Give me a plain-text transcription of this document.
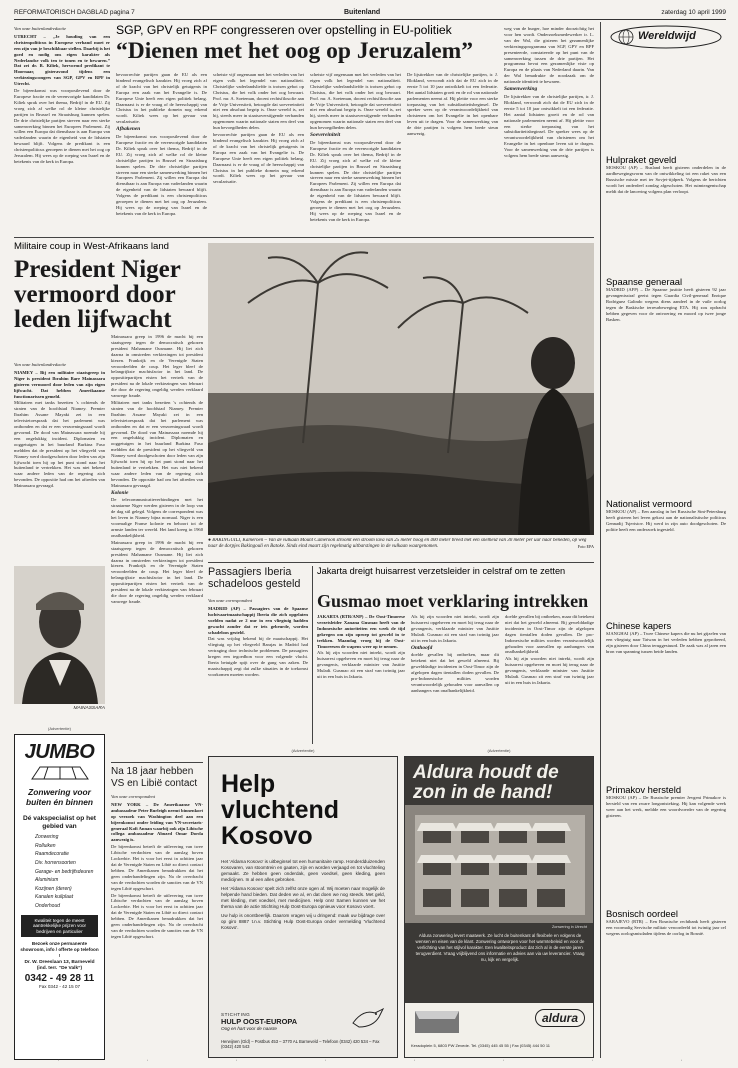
REFORMATORISCH DAGBLAD pagina 7	Buitenland	zaterdag 10 april 1999

Van onze buitenlandredactie

UTRECHT – „Je houding van een christenpoliticus in Europese verband moet er een zijn van je beschikbaar stellen. Daarbij is het goed en nodig ons eigen karakter als Nederlandse volk ten te tonen en te bewaren.” Dat zei dr. B. Kiliek, hervormd predikant te Hoornaar, gisteravond tijdens een verkiezingscongres van SGP, GPV en RPF in Utrecht.

De bijeenkomst was voorpostlevend door de Europese fractie en de verenvorigde kandidaten Dr. Kiliek sprak over het thema, Bedrijf in de EU. Zij vroeg zich af welke rol de kleine christelijke partijen in Brussel en Straatsburg kunnen spelen. De drie christelijke partijen streven naar een sterke samenwerking binnen het Europees Parlement. Zij willen een Europa dat dienstbaar is aan Europa van vaderlanden waarin de eigenheid van de lidstaten bewaard blijft. Volgens de predikant is een christenpoliticus geroepen te dienen met het oog op Jeruzalem. Hij wees op de roeping van Israel en de betekenis van de kerk in Europa.

SGP, GPV en RPF congresseren over opstelling in EU-politiek
“Dienen met het oog op Jeruzalem”

bevoorrechte partijen gaan de EU als een bindend evangelisch karakter. Hij vroeg zich af of de kracht van het christelijk getuigenis in Europa een zaak van het Evangelie is. De Europese Unie heeft een eigen politiek belang. Daarnaast is er de vraag of de heerschappij van Christus in het publieke domein nog erkend wordt. Kiliek wees op het gevaar van secularisatie.

Afbakenen

De bijeenkomst was voorpostlevend door de Europese fractie en de verenvorigde kandidaten Dr. Kiliek sprak over het thema, Bedrijf in de EU. Zij vroeg zich af welke rol de kleine christelijke partijen in Brussel en Straatsburg kunnen spelen. De drie christelijke partijen streven naar een sterke samenwerking binnen het Europees Parlement. Zij willen een Europa dat dienstbaar is aan Europa van vaderlanden waarin de eigenheid van de lidstaten bewaard blijft. Volgens de predikant is een christenpoliticus geroepen te dienen met het oog op Jeruzalem. Hij wees op de roeping van Israel en de betekenis van de kerk in Europa.

schetste vijf ongensaan met het verleden van het eigen volk het legendel van nationaliteit. Christelijke vaderlandsliefde is trotsen gebot op Christus, die het volk onder het oog bewaart. Prof. mr. A. Soeteman, docent rechtsfilosofie aan de Vrije Universiteit, betoogde dat soevereiniteit niet een absoluut begrip is. Onze wereld is, zei hij, steeds meer in staatsoverstijgende verbanden opgenomen waarin nationale staten een deel van hun bevoegdheden delen.

bevoorrechte partijen gaan de EU als een bindend evangelisch karakter. Hij vroeg zich af of de kracht van het christelijk getuigenis in Europa een zaak van het Evangelie is. De Europese Unie heeft een eigen politiek belang. Daarnaast is er de vraag of de heerschappij van Christus in het publieke domein nog erkend wordt. Kiliek wees op het gevaar van secularisatie.

schetste vijf ongensaan met het verleden van het eigen volk het legendel van nationaliteit. Christelijke vaderlandsliefde is trotsen gebot op Christus, die het volk onder het oog bewaart. Prof. mr. A. Soeteman, docent rechtsfilosofie aan de Vrije Universiteit, betoogde dat soevereiniteit niet een absoluut begrip is. Onze wereld is, zei hij, steeds meer in staatsoverstijgende verbanden opgenomen waarin nationale staten een deel van hun bevoegdheden delen.

Soevereiniteit

De bijeenkomst was voorpostlevend door de Europese fractie en de verenvorigde kandidaten Dr. Kiliek sprak over het thema, Bedrijf in de EU. Zij vroeg zich af welke rol de kleine christelijke partijen in Brussel en Straatsburg kunnen spelen. De drie christelijke partijen streven naar een sterke samenwerking binnen het Europees Parlement. Zij willen een Europa dat dienstbaar is aan Europa van vaderlanden waarin de eigenheid van de lidstaten bewaard blijft. Volgens de predikant is een christenpoliticus geroepen te dienen met het oog op Jeruzalem. Hij wees op de roeping van Israel en de betekenis van de kerk in Europa.

De lijsttrekker van de christelijke partijen, ir. J. Blokland, verwondt zich dat de EU zich in de eerste 5 tot 10 jaar ontwikkelt tot een federatie. Het aantal lidstaten groeit en de rol van nationale parlementen neemt af. Hij pleitte voor een sterke toepassing van het subsidiariteitsbeginsel. De spreker wees op de verantwoordelijkheid van christenen om het Evangelie in het openbare leven uit te dragen. Voor de samenwerking van de drie partijen is volgens hem brede steun aanwezig.

weg van de burger, hoe minder doorzichtig het voor hen wordt. Onderzoeksmedewerker ir. L. van der Wal, die gisteren het gezamenlijke verkiezingsprogramma van SGP, GPV en RPF presenteerde, constateerde op het punt van de samenwerking tussen de drie partijen. Het programma bevat een gezamenlijke visie op Europa en de plaats van Nederland daarin. Van der Wal benadrukte de noodzaak om de nationale identiteit te bewaren.

Samenwerking

De lijsttrekker van de christelijke partijen, ir. J. Blokland, verwondt zich dat de EU zich in de eerste 5 tot 10 jaar ontwikkelt tot een federatie. Het aantal lidstaten groeit en de rol van nationale parlementen neemt af. Hij pleitte voor een sterke toepassing van het subsidiariteitsbeginsel. De spreker wees op de verantwoordelijkheid van christenen om het Evangelie in het openbare leven uit te dragen. Voor de samenwerking van de drie partijen is volgens hem brede steun aanwezig.

Wereldwijd
Hulpraket geveld
MOSKOU (AP) – Rusland heeft gisteren onderdelen in de aardbewegingsvorm van de ontwikkeling tot een raket van een Russische missie met ter Sovjet-tijdperk. Volgens de berichten wordt het onderdeel zondag afgeschoten. Het ruimteagentschap meldt dat de lancering volgens plan verloopt.
Spaanse generaal
MADRID (AFP) – De Spaanse justitie heeft gisteren 92 jaar gevangenisstraf geeist tegen Guardia Civil-generaal Enrique Rodriguez Galindo wegens diens aandeel in de vuile oorlog tegen de Baskische terreurbeweging ETA. Hij zou opdracht hebben gegeven voor de ontvoering en moord op twee jonge Basken.
Nationalist vermoord
MOSKOU (AP) – Een aanslag in het Russische Sint-Petersburg heeft gisteren het leven gekost aan de nationalistische politicus Gennadij Tsjeristov. Hij werd in zijn auto doodgeschoten. De politie heeft een onderzoek ingesteld.
Chinese kapers
SJANGHAI (AP) – Twee Chinese kapers die nu het gijzelen van een vliegtuig naar Taiwan in het verleden hebben geprobeerd, zijn gisteren door China teruggestuurd. De zaak was al jaren een bron van spanning tussen beide landen.
Primakov hersteld
MOSKOU (AP) – De Russische premier Jevgeni Primakov is hersteld van een zware longontsteking. Hij kan volgende week weer aan het werk, meldde een woordvoerder van de regering gisteren.
Bosnisch oordeel
SARAJEVO (RTR) – Een Bosnische rechtbank heeft gisteren een voormalig Servische militair veroordeeld tot twintig jaar cel wegens oorlogsmisdaden tijdens de oorlog in Bosnië.
Militaire coup in West-Afrikaans land
President Niger vermoord door leden lijfwacht

Van onze buitenlandredactie

NIAMEY – Bij een militaire staatsgreep in Niger is president Ibrahim Bare Mainassara gisteren vermoord door leden van zijn eigen lijfwacht. Dat hebben Amerikaanse functionarissen gemeld.

Militairen met tanks bezetten 's ochtends de straten van de hoofdstad Niamey. Premier Ibrahim Assane Mayaki zei in een televisietoespraak dat het parlement was ontbonden en dat er een verzoeningsraad wordt gevormd. De dood van Mainassara noemde hij een ongelukkig incident. Diplomaten en ooggetuigen in het buurland Burkina Faso meldden dat de president op het vliegveld van Niamey werd doodgeschoten door leden van zijn lijfwacht toen hij op het punt stond naar het buitenland te vertrekken. Het was niet bekend waar andere leden van de regering zich bevonden. De oppositie had om het aftreden van Mainassara gevraagd.

Mainassara greep in 1996 de macht bij een staatsgreep tegen de democratisch gekozen president Mahamane Ousmane. Hij liet zich daarna in omstreden verkiezingen tot president kiezen. Frankrijk en de Verenigde Staten veroordeelden de coup. Het leger bleef de belangrijkste machtsfactor in het land. De oppositiepartijen eisten het vertrek van de president na de lokale verkiezingen van februari die door de regering ongeldig werden verklaard vanwege fraude.

Militairen met tanks bezetten 's ochtends de straten van de hoofdstad Niamey. Premier Ibrahim Assane Mayaki zei in een televisietoespraak dat het parlement was ontbonden en dat er een verzoeningsraad wordt gevormd. De dood van Mainassara noemde hij een ongelukkig incident. Diplomaten en ooggetuigen in het buurland Burkina Faso meldden dat de president op het vliegveld van Niamey werd doodgeschoten door leden van zijn lijfwacht toen hij op het punt stond naar het buitenland te vertrekken. Het was niet bekend waar andere leden van de regering zich bevonden. De oppositie had om het aftreden van Mainassara gevraagd.

Kolonie

De telecommunicatieverbindingen met het straatarme Niger werden gisteren in de loop van de dag stil gelegd. Volgens de correspondent was het leven in Niamey bijna normaal. Niger is een voormalige Franse kolonie en behoort tot de armste landen ter wereld. Het land kreeg in 1960 onafhankelijkheid.

Mainassara greep in 1996 de macht bij een staatsgreep tegen de democratisch gekozen president Mahamane Ousmane. Hij liet zich daarna in omstreden verkiezingen tot president kiezen. Frankrijk en de Verenigde Staten veroordeelden de coup. Het leger bleef de belangrijkste machtsfactor in het land. De oppositiepartijen eisten het vertrek van de president na de lokale verkiezingen van februari die door de regering ongeldig werden verklaard vanwege fraude.

MAINASSARA
● BAKINGUILI, Kameroen – Van de vulkaan Mount Cameroon stroomt een stroom lava van 25 meter hoog en 400 meter breed met een snelheid van 30 meter per uur naar beneden, op weg naar de dorpjes Bakingouli en Batoke. Sinds eind maart zijn regelmatig uitbarstingen in de vulkaan waargenomen.	Foto EPA
Passagiers Iberia schadeloos gesteld

Van onze correspondent

MADRID (AP) – Passagiers van de Spaanse luchtvaartmaatschappij Iberia die zich opgelaten voelden nadat ze 2 uur in een vliegtuig hadden gewacht zonder dat er iets gebeurde, worden schadeloos gesteld.

Dat was vrijdag bekend bij de maatschappij. Het vliegtuig op het vliegveld Barajas in Madrid had vertraging door technische problemen. De passagiers kregen een tegoedbon voor een volgende vlucht. Iberia betuigde spijt over de gang van zaken. De maatschappij zegt dat zulke situaties in de toekomst voorkomen moeten worden.

Jakarta dreigt huisarrest verzetsleider in celstraf om te zetten
Gusmao moet verklaring intrekken

JAKARTA (RTR/ANP) – De Oost-Timorese verzetsleider Xanana Gusmao heeft van de Indonesische autoriteiten een week de tijd gekregen om zijn oproep tot geweld in te trekken. Maandag vroeg hij de Oost-Timoreesen de wapens weer op te nemen.

Als hij zijn woorden niet intrekt, wordt zijn huisarrest opgeheven en moet hij terug naar de gevangenis, verklaarde minister van Justitie Muladi. Gusmao zit een straf van twintig jaar uit in een huis in Jakarta.

Als hij zijn woorden niet intrekt, wordt zijn huisarrest opgeheven en moet hij terug naar de gevangenis, verklaarde minister van Justitie Muladi. Gusmao zit een straf van twintig jaar uit in een huis in Jakarta.

Onthoofd

doelde gevallen bij ontbreken, maar dit betekent niet dat het geweld afneemt. Bij gewelddadige incidenten in Oost-Timor zijn de afgelopen dagen tientallen doden gevallen. De pro-Indonesische milities worden verantwoordelijk gehouden voor aanvallen op aanhangers van onafhankelijkheid.

doelde gevallen bij ontbreken, maar dit betekent niet dat het geweld afneemt. Bij gewelddadige incidenten in Oost-Timor zijn de afgelopen dagen tientallen doden gevallen. De pro-Indonesische milities worden verantwoordelijk gehouden voor aanvallen op aanhangers van onafhankelijkheid.

Als hij zijn woorden niet intrekt, wordt zijn huisarrest opgeheven en moet hij terug naar de gevangenis, verklaarde minister van Justitie Muladi. Gusmao zit een straf van twintig jaar uit in een huis in Jakarta.

Na 18 jaar hebben VS en Libië contact

Van onze correspondent

NEW YORK – De Amerikaanse VN-ambassadeur Peter Burleigh neemt binnenkort op verzoek van Washington deel aan een bijeenkomst onder leiding van VN-secretaris-generaal Kofi Annan waarbij ook zijn Libische collega ambassadeur Abuzed Omar Dorda aanwezig is.

De bijeenkomst betreft de uitlevering van twee Libische verdachten van de aanslag boven Lockerbie. Het is voor het eerst in achttien jaar dat de Verenigde Staten en Libië zo direct contact hebben. De Amerikanen benadrukken dat het geen onderhandelingen zijn. Na de overdracht van de verdachten worden de sancties van de VN tegen Libië opgeschort.

De bijeenkomst betreft de uitlevering van twee Libische verdachten van de aanslag boven Lockerbie. Het is voor het eerst in achttien jaar dat de Verenigde Staten en Libië zo direct contact hebben. De Amerikanen benadrukken dat het geen onderhandelingen zijn. Na de overdracht van de verdachten worden de sancties van de VN tegen Libië opgeschort.

(Advertentie)
JUMBO
Zonwering voor buiten én binnen
Dé vakspecialist op het gebied van
Zonwering
Rolluiken
Raamdecoratie
Div. horrensoorten
Garage- en bedrijfsdeuren
Aluminium
Kozijnen (deren)
Kanalen kuilplaat
Onderhoud
Kwaliteit tegen de meest aantrekkelijke prijzen voor bedrijven en particulier
Bezoek onze permanente showroom, info / offerte op telefoon !
Dr. W. Dreeslaan 13, Barneveld (ind. terr. “De Valk”)
0342 - 49 28 11
Fax 0342 - 42 15 07
(Advertentie)
Help
vluchtend
Kosovo

Het 'Aldama Kosovo' is uitbeginsel tot een humanitaire ramp. Honderdduizenden Kosovaren, van stoomtrein en gaaten, zijn en worden verjaagd en tot vluchteling gemaakt. Ze hebben geen onderdak, geen voedsel, geen kleding, geen medicijnen. In al een alles gebroken.

Het 'Aldama Kosovo' spelt zich zelfst onze ogen af. Wij moeten naar mogelijk de helpende hand bieden. Dat deden we al, en dat doen we nog steeds. Met geld, met kleding, met voedsel, met medicijnen. Help ons! Samen kunnen we het thema van de actie Stichting Hulp Oost-Europa opnieuw voor Kosovo voert.

Uw hulp is onontbeerlijk. Daarom vragen wij u dringend: maak uw bijdrage over op giro 8887 t.n.v. Stichting Hulp Oost-Europa onder vermelding 'Vluchtend Kosovo'.

STICHTING
HULP OOST-EUROPA
Oog en hart voor de naaste
Herwijnen (Gld) – Postbus 453 – 3770 AL Barneveld – Telefoon (0342) 420 534 – Fax (0342) 420 543
(Advertentie)
Aldura houdt de zon in de hand!
Zonwering in Utrecht
Aldura zonwering levert maatwerk. Ze lucht de buitenkant al flexibele en volgens de wensen en eisen van de klant. Zonwering ontworpen voor het warmtebeleid en voor de verlichting van het stijlvol karakter. Een kwaliteitsproduct dat zich al in de eerste jaren terugverdient. Vraag vrijblijvend ons informatie en advies aan via uw leverancier. Vraag nu, kijk en vergelijk.
aldura
Keradoplein 5, 6803 PW Zevede. Tel. (0345) 445 45 55 | Fax (0345) 444 50 11
·	·	·	·	·	·	·	·
